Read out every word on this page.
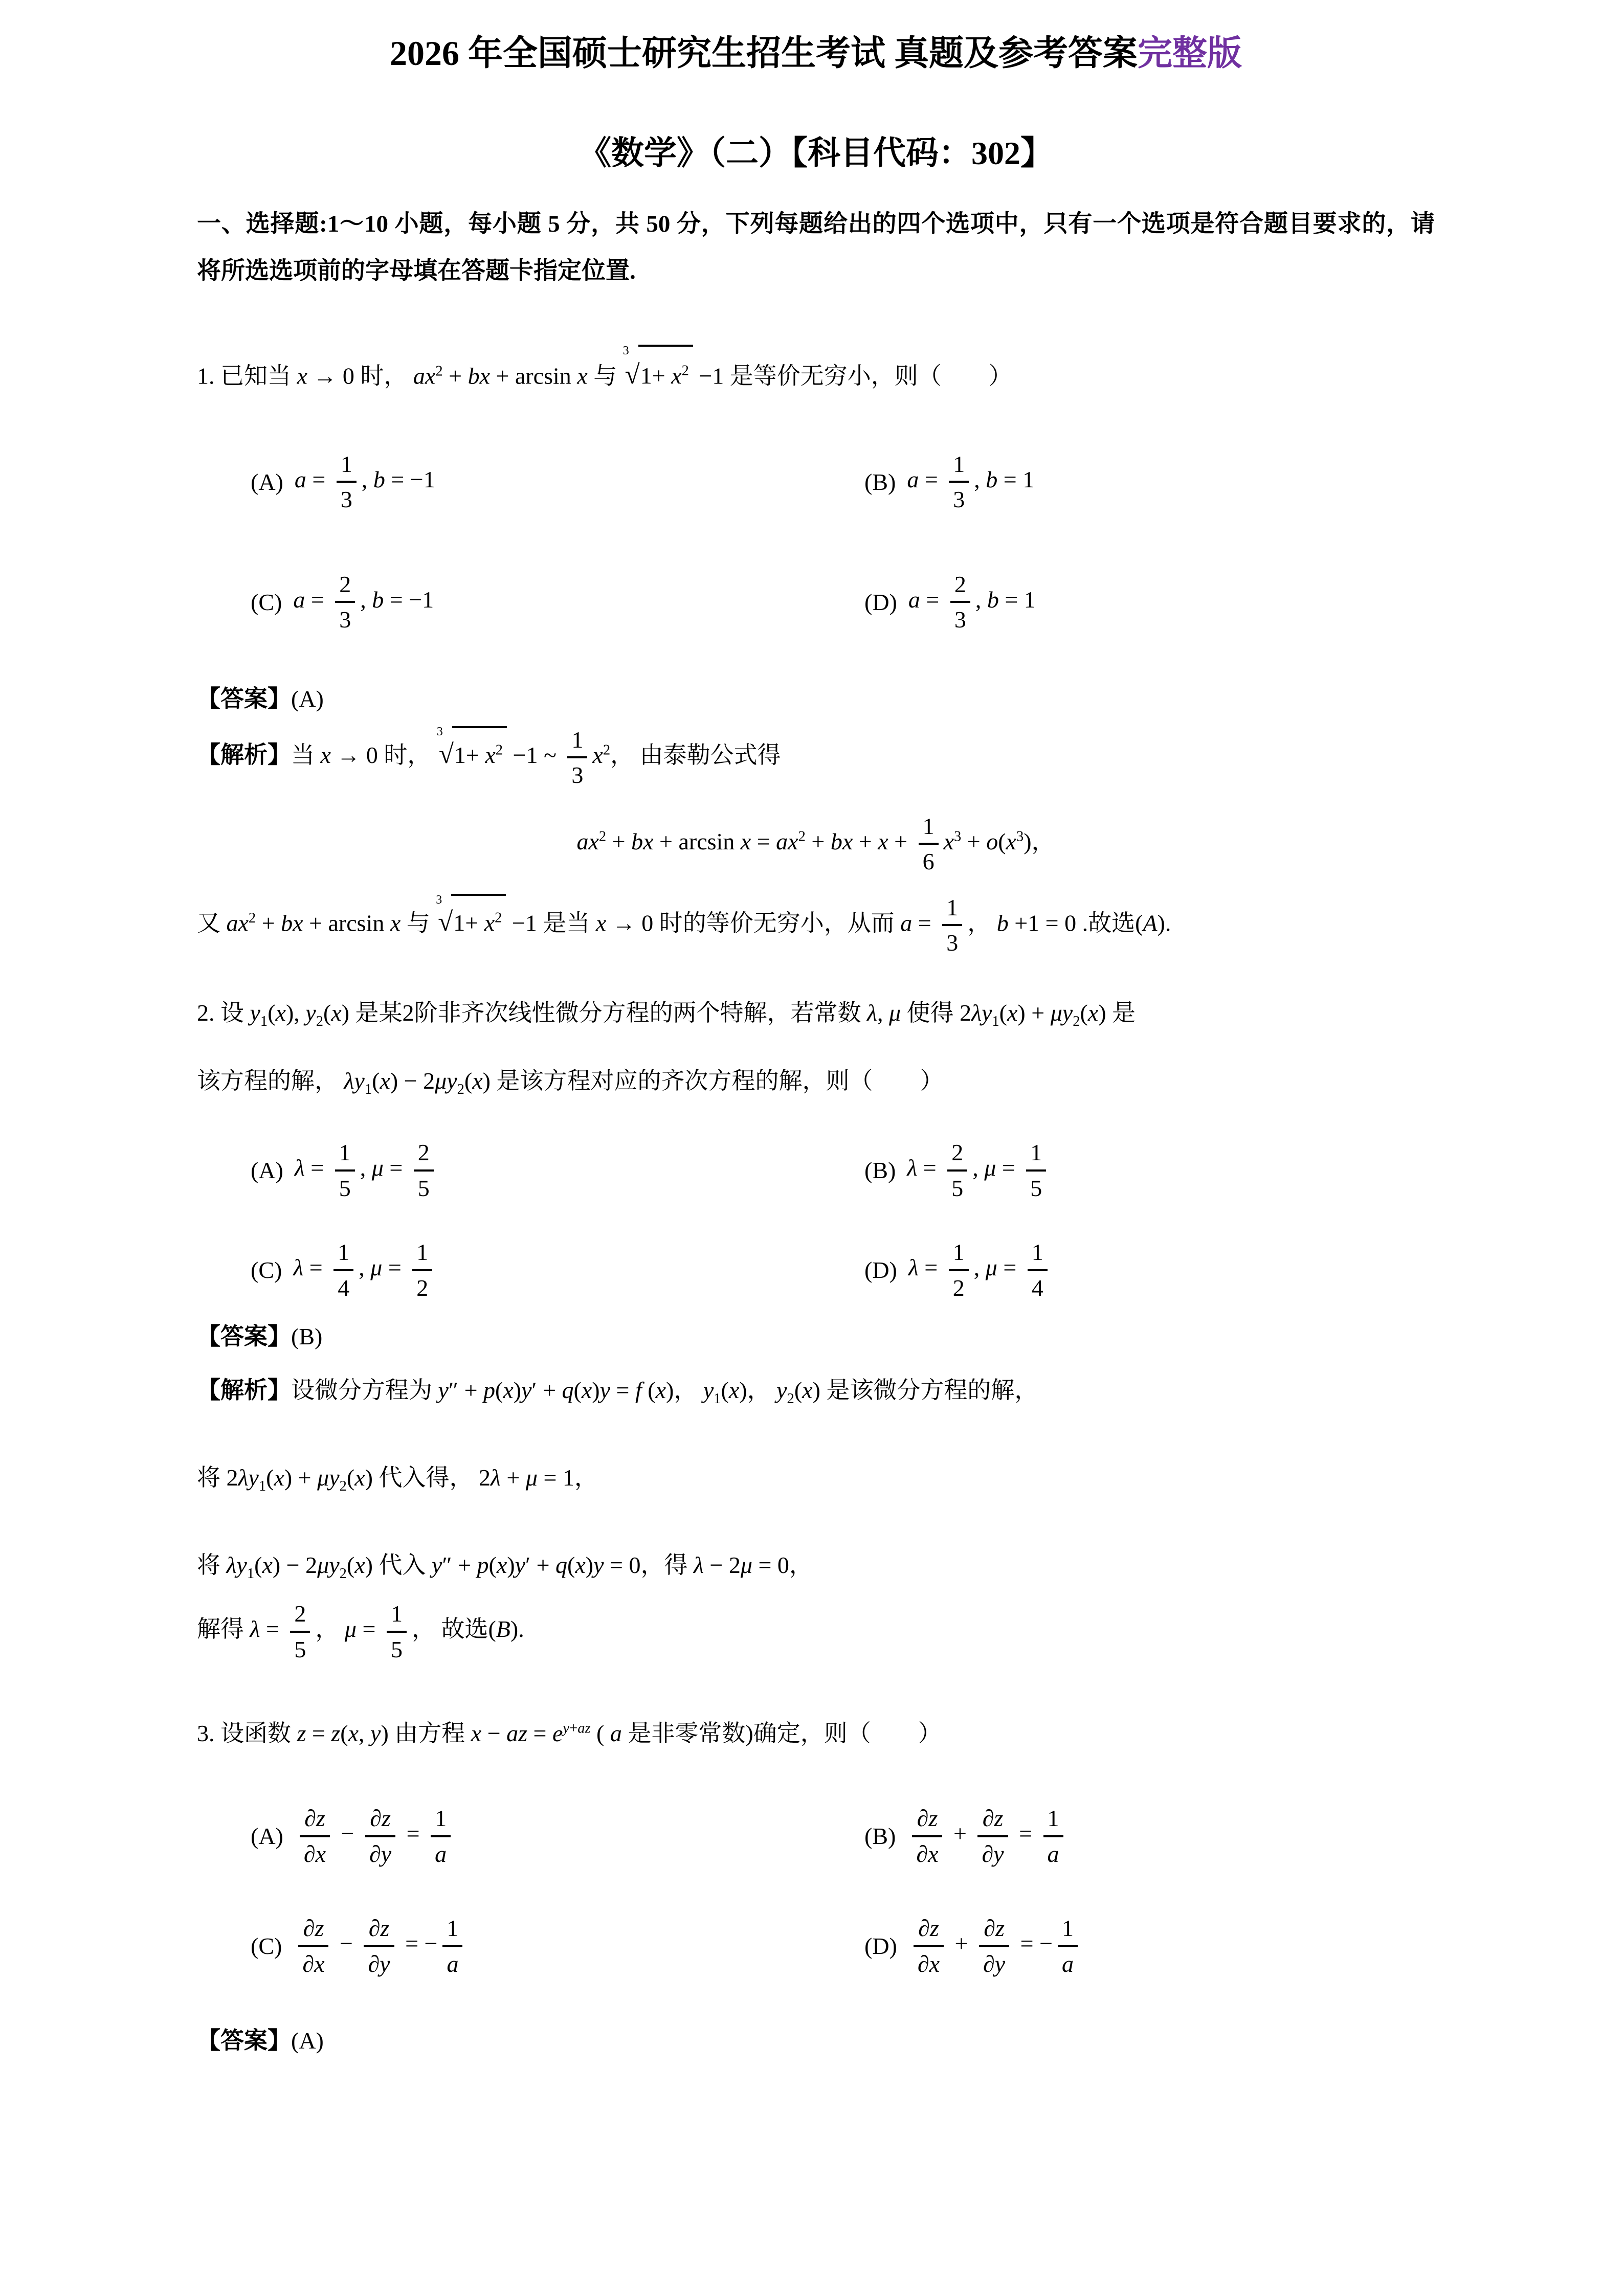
2026 年全国硕士研究生招生考试 真题及参考答案完整版
《数学》（二）【科目代码：302】

一、选择题:1～10 小题，每小题 5 分，共 50 分，下列每题给出的四个选项中，只有一个选项是符合题目要求的，请将所选选项前的字母填在答题卡指定位置.

1. 已知当 x → 0 时， $ax^2$ + bx + arcsin x 与 $^3√1+ x^2 -1$ 是等价无穷小，则（　　）

(A) $a = \frac{1}{3}$ , b = −1	(B) $a = \frac{1}{3}$ , b = 1
(C) $a = \frac{2}{3}$ , b = −1	(D) $a = \frac{2}{3}$ , b = 1

【答案】(A)

【解析】当 x → 0 时， $^3√1+ x^2 -1$ ~ $\frac{1}{3} x^2$， 由泰勒公式得

$ax^2$ + bx + $\arcsin x = ax^2$ + bx + $x + \frac{1}{6} x^3 + o(x^3)$，

又 $ax^2$ + bx + arcsin x 与 $^3√1+ x^2 -1$ 是当 x → 0 时的等价无穷小，从而 $a = \frac{1}{3}$ ， b +1 = 0 .故选(A).

2. 设 $y_1(x)$, $y_2(x)$ 是某2阶非齐次线性微分方程的两个特解，若常数 λ, μ 使得 $2\lambda y_1(x) + \mu y_2(x)$ 是
该方程的解， $\lambda y_1(x) - 2\mu y_2(x)$ 是该方程对应的齐次方程的解，则（　　）

(A) $\lambda = \frac{1}{5}$ , $\mu = \frac{2}{5}$	(B) $\lambda = \frac{2}{5}$ , $\mu = \frac{1}{5}$
(C) $\lambda = \frac{1}{4}$ , $\mu = \frac{1}{2}$	(D) $\lambda = \frac{1}{2}$ , $\mu = \frac{1}{4}$

【答案】(B)

【解析】设微分方程为 y″ + p(x)y′ + q(x)y = f (x)， $y_1(x)$， $y_2(x)$ 是该微分方程的解，

将 $2\lambda y_1(x) + \mu y_2(x)$ 代入得， 2λ + μ = 1，

将 $\lambda y_1(x) - 2\mu y_2(x)$ 代入 y″ + p(x)y′ + q(x)y = 0，得 λ − 2μ = 0，

解得 $\lambda = \frac{2}{5}$ ， $\mu = \frac{1}{5}$ ， 故选(B).

3. 设函数 z = z(x, y) 由方程 x − az = $e^{y+az}$ ( a 是非零常数)确定，则（　　）

$(A) \frac{\partial z}{\partial x} - \frac{\partial z}{\partial y} = \frac{1}{a}$	$(B) \frac{\partial z}{\partial x} + \frac{\partial z}{\partial y} = \frac{1}{a}$
$(C) \frac{\partial z}{\partial x} - \frac{\partial z}{\partial y}$ = − $\frac{1}{a}$	$(D) \frac{\partial z}{\partial x} + \frac{\partial z}{\partial y}$ = − $\frac{1}{a}$

【答案】(A)
